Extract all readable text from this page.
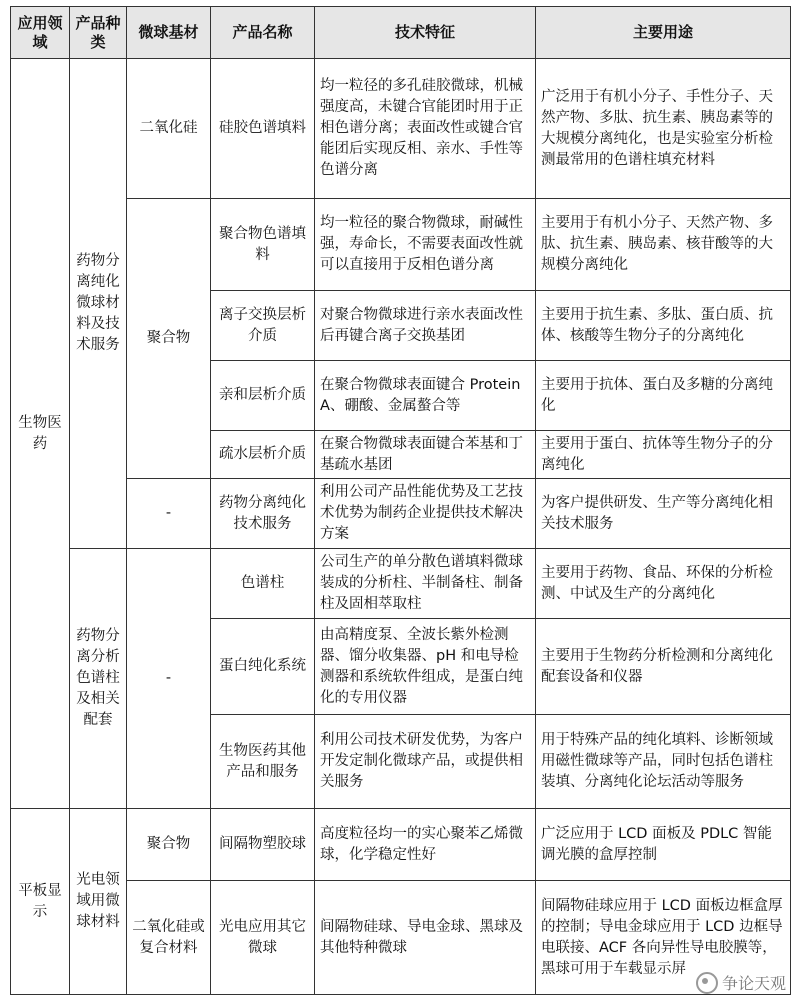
应用领域	产品种类	微球基材	产品名称	技术特征	主要用途
生物医药	药物分离纯化微球材料及技术服务	二氧化硅	硅胶色谱填料	均一粒径的多孔硅胶微球，机械强度高，未键合官能团时用于正相色谱分离；表面改性或键合官能团后实现反相、亲水、手性等色谱分离	广泛用于有机小分子、手性分子、天然产物、多肽、抗生素、胰岛素等的大规模分离纯化，也是实验室分析检测最常用的色谱柱填充材料
		聚合物	聚合物色谱填料	均一粒径的聚合物微球，耐碱性强，寿命长，不需要表面改性就可以直接用于反相色谱分离	主要用于有机小分子、天然产物、多肽、抗生素、胰岛素、核苷酸等的大规模分离纯化
			离子交换层析介质	对聚合物微球进行亲水表面改性后再键合离子交换基团	主要用于抗生素、多肽、蛋白质、抗体、核酸等生物分子的分离纯化
			亲和层析介质	在聚合物微球表面键合 Protein A、硼酸、金属螯合等	主要用于抗体、蛋白及多糖的分离纯化
			疏水层析介质	在聚合物微球表面键合苯基和丁基疏水基团	主要用于蛋白、抗体等生物分子的分离纯化
		-	药物分离纯化技术服务	利用公司产品性能优势及工艺技术优势为制药企业提供技术解决方案	为客户提供研发、生产等分离纯化相关技术服务
	药物分离分析色谱柱及相关配套	-	色谱柱	公司生产的单分散色谱填料微球装成的分析柱、半制备柱、制备柱及固相萃取柱	主要用于药物、食品、环保的分析检测、中试及生产的分离纯化
			蛋白纯化系统	由高精度泵、全波长紫外检测器、馏分收集器、pH 和电导检测器和系统软件组成，是蛋白纯化的专用仪器	主要用于生物药分析检测和分离纯化配套设备和仪器
			生物医药其他产品和服务	利用公司技术研发优势，为客户开发定制化微球产品，或提供相关服务	用于特殊产品的纯化填料、诊断领域用磁性微球等产品，同时包括色谱柱装填、分离纯化论坛活动等服务
平板显示	光电领域用微球材料	聚合物	间隔物塑胶球	高度粒径均一的实心聚苯乙烯微球，化学稳定性好	广泛应用于 LCD 面板及 PDLC 智能调光膜的盒厚控制
		二氧化硅或复合材料	光电应用其它微球	间隔物硅球、导电金球、黑球及其他特种微球	间隔物硅球应用于 LCD 面板边框盒厚的控制；导电金球应用于 LCD 边框导电联接、ACF 各向异性导电胶膜等，黑球可用于车载显示屏
争论天观
